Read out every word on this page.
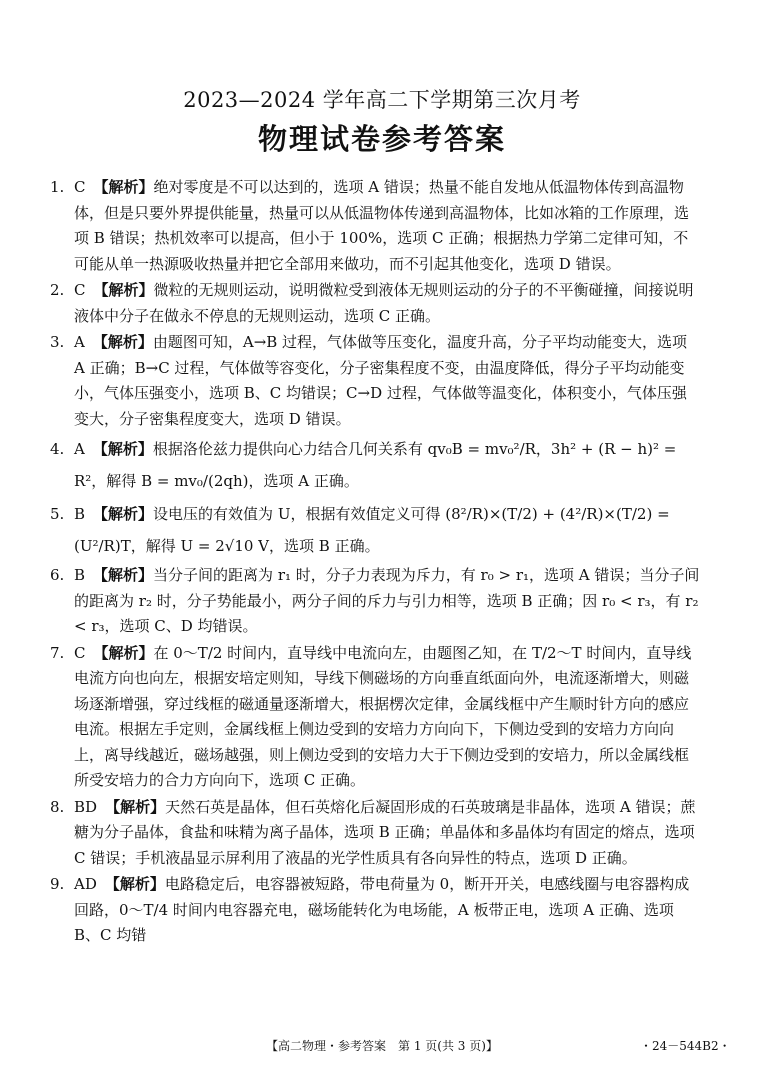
2023—2024 学年高二下学期第三次月考
物理试卷参考答案
1. C 【解析】绝对零度是不可以达到的，选项 A 错误；热量不能自发地从低温物体传到高温物体，但是只要外界提供能量，热量可以从低温物体传递到高温物体，比如冰箱的工作原理，选项 B 错误；热机效率可以提高，但小于 100%，选项 C 正确；根据热力学第二定律可知，不可能从单一热源吸收热量并把它全部用来做功，而不引起其他变化，选项 D 错误。
2. C 【解析】微粒的无规则运动，说明微粒受到液体无规则运动的分子的不平衡碰撞，间接说明液体中分子在做永不停息的无规则运动，选项 C 正确。
3. A 【解析】由题图可知，A→B 过程，气体做等压变化，温度升高，分子平均动能变大，选项 A 正确；B→C 过程，气体做等容变化，分子密集程度不变，由温度降低，得分子平均动能变小，气体压强变小，选项 B、C 均错误；C→D 过程，气体做等温变化，体积变小，气体压强变大，分子密集程度变大，选项 D 错误。
4. A 【解析】根据洛伦兹力提供向心力结合几何关系有 qv₀B = mv₀²/R，3h² + (R − h)² = R²，解得 B = mv₀/(2qh)，选项 A 正确。
5. B 【解析】设电压的有效值为 U，根据有效值定义可得 (8²/R)×(T/2) + (4²/R)×(T/2) = (U²/R)T，解得 U = 2√10 V，选项 B 正确。
6. B 【解析】当分子间的距离为 r₁ 时，分子力表现为斥力，有 r₀ > r₁，选项 A 错误；当分子间的距离为 r₂ 时，分子势能最小，两分子间的斥力与引力相等，选项 B 正确；因 r₀ < r₃，有 r₂ < r₃，选项 C、D 均错误。
7. C 【解析】在 0～T/2 时间内，直导线中电流向左，由题图乙知，在 T/2～T 时间内，直导线电流方向也向左，根据安培定则知，导线下侧磁场的方向垂直纸面向外，电流逐渐增大，则磁场逐渐增强，穿过线框的磁通量逐渐增大，根据楞次定律，金属线框中产生顺时针方向的感应电流。根据左手定则，金属线框上侧边受到的安培力方向向下，下侧边受到的安培力方向向上，离导线越近，磁场越强，则上侧边受到的安培力大于下侧边受到的安培力，所以金属线框所受安培力的合力方向向下，选项 C 正确。
8. BD 【解析】天然石英是晶体，但石英熔化后凝固形成的石英玻璃是非晶体，选项 A 错误；蔗糖为分子晶体，食盐和味精为离子晶体，选项 B 正确；单晶体和多晶体均有固定的熔点，选项 C 错误；手机液晶显示屏利用了液晶的光学性质具有各向异性的特点，选项 D 正确。
9. AD 【解析】电路稳定后，电容器被短路，带电荷量为 0，断开开关，电感线圈与电容器构成回路，0～T/4 时间内电容器充电，磁场能转化为电场能，A 板带正电，选项 A 正确、选项 B、C 均错
【高二物理・参考答案　第 1 页(共 3 页)】	・24－544B2・
